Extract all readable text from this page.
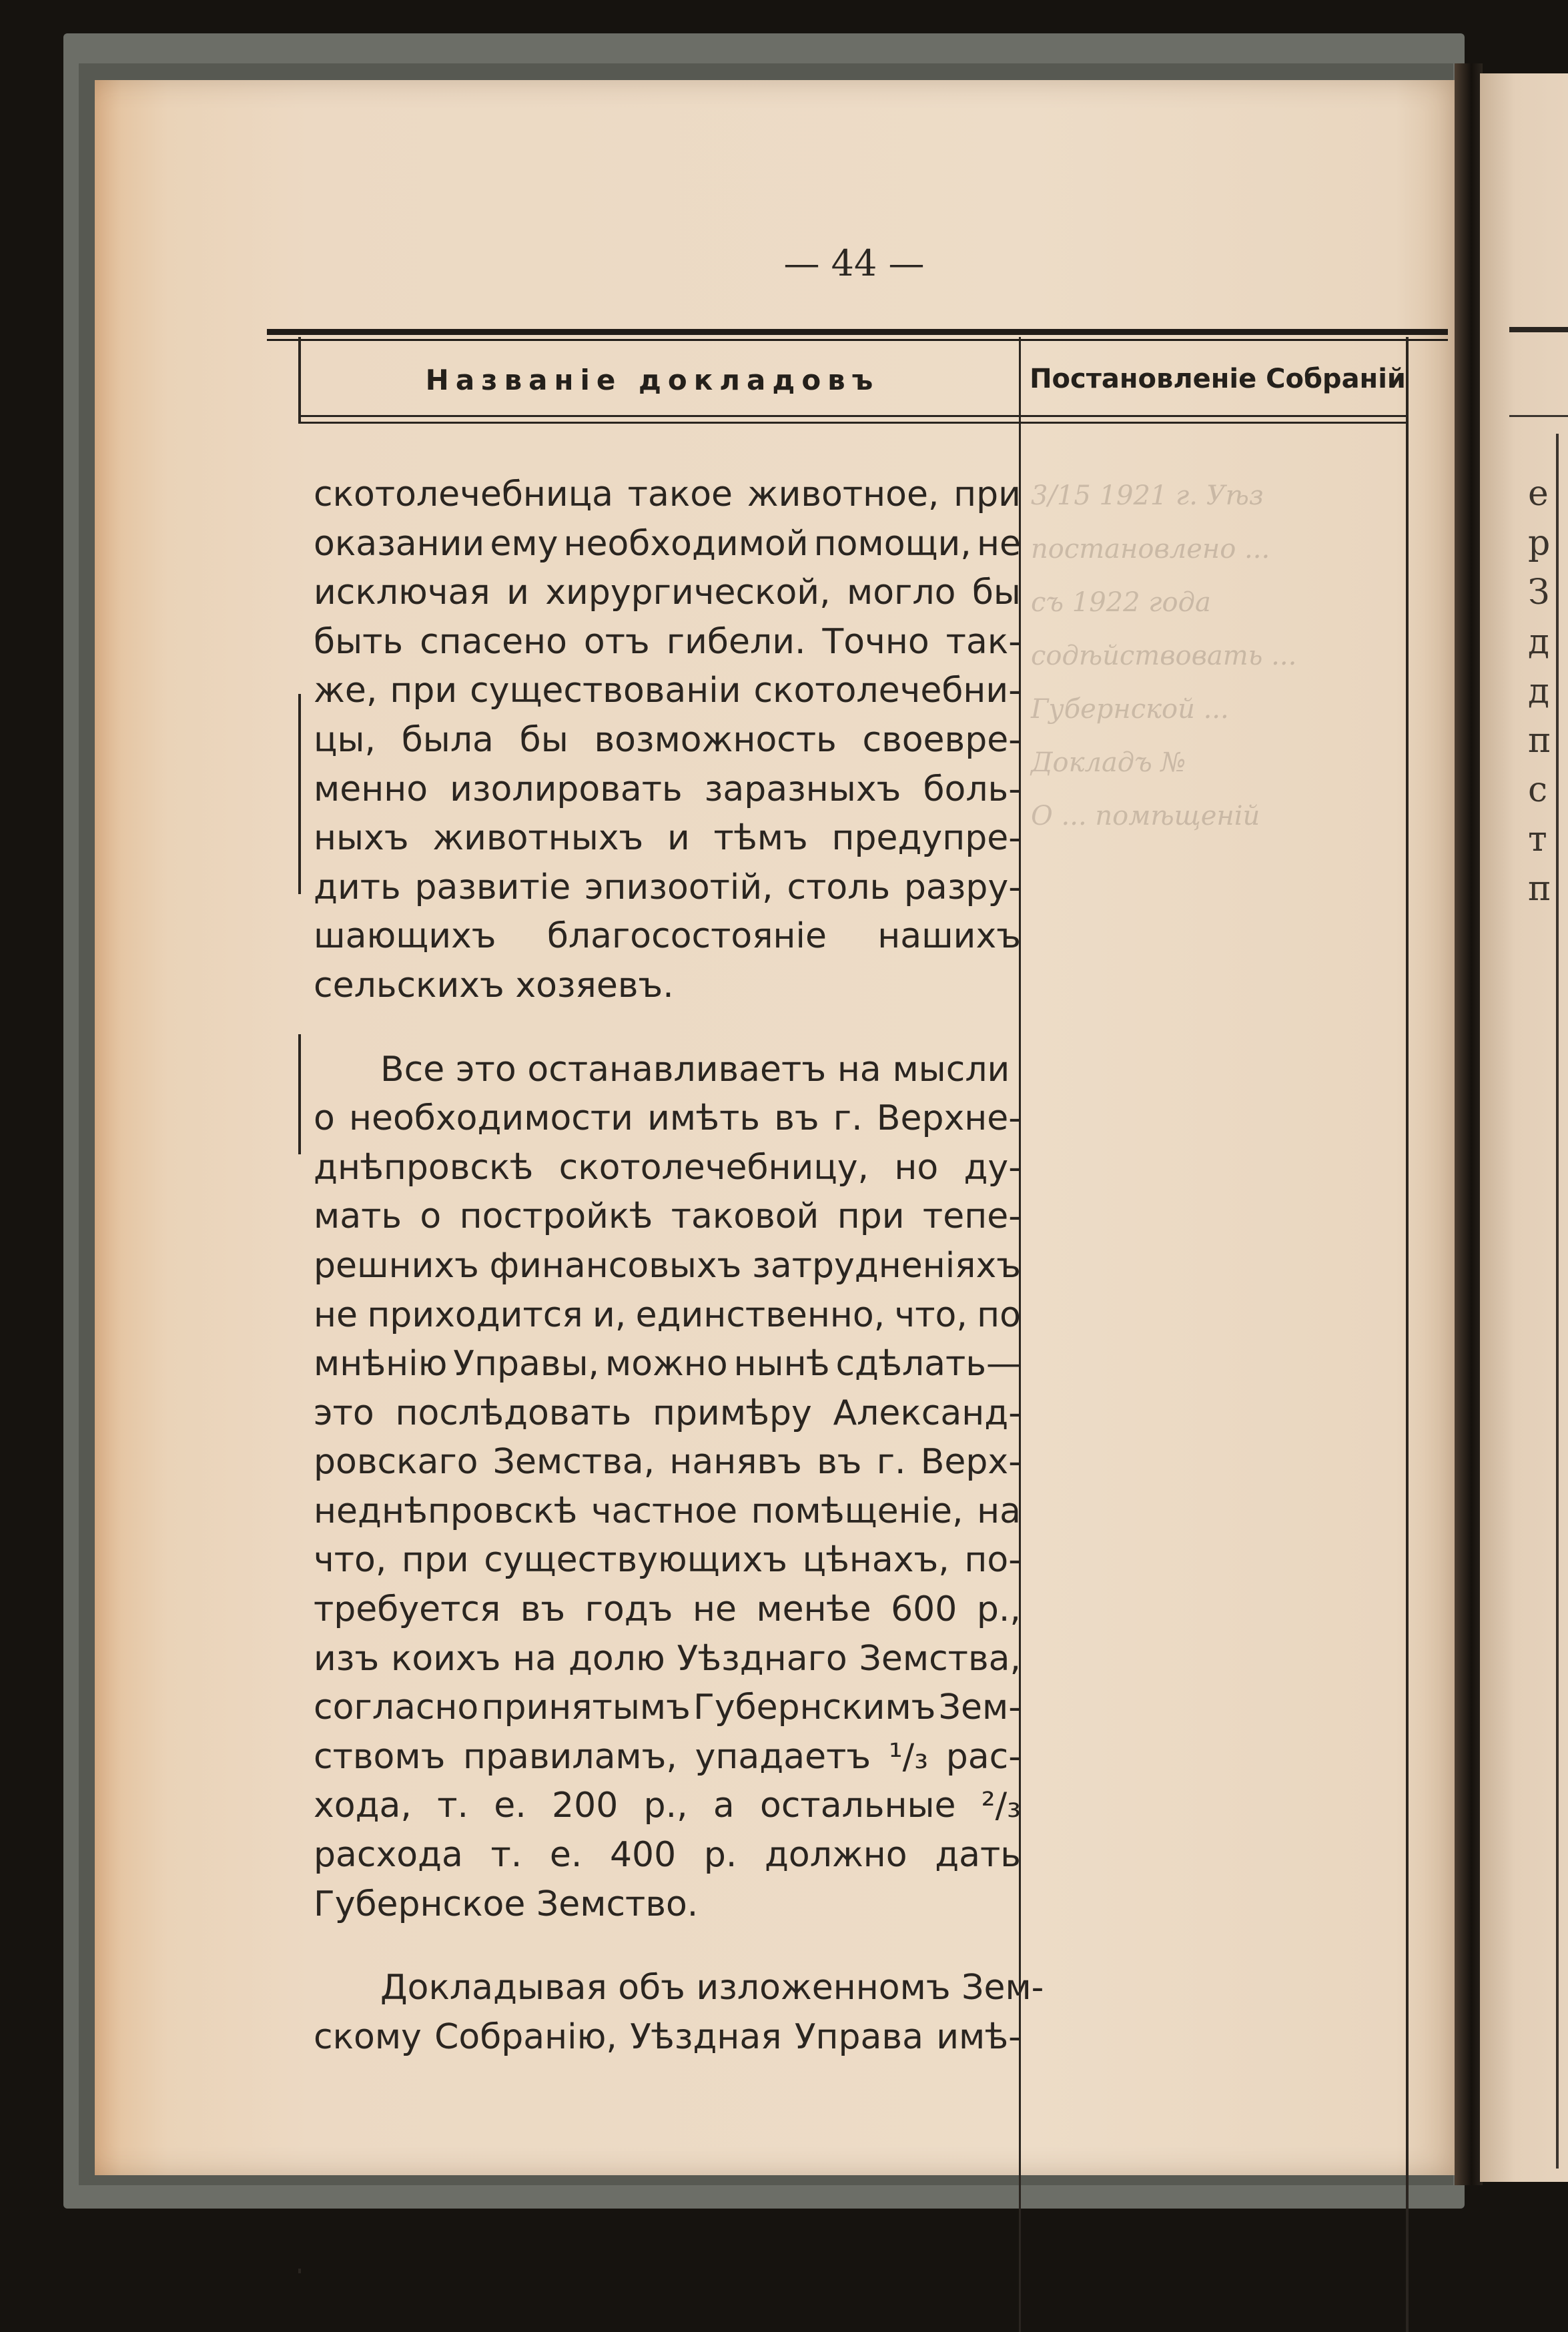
е
р
З
д
д
п
с
т
п
3/15 1921 г. Уѣз
постановлено ...
съ 1922 года
содѣйствовать ...
Губернской ...
Докладъ №
О ... помѣщеній
— 44 —
Названіе докладовъ	Постановленіе Собраній
скотолечебница такое животное, при
оказании ему необходимой помощи, не
исключая и хирургической, могло бы
быть спасено отъ гибели. Точно так-
же, при существованіи скотолечебни-
цы, была бы возможность своевре-
менно изолировать заразныхъ боль-
ныхъ животныхъ и тѣмъ предупре-
дить развитіе эпизоотій, столь разру-
шающихъ благосостояніе нашихъ
сельскихъ
хозяевъ.

Все
это
останавливаетъ
на
мысли

о необходимости имѣть въ г. Верхне-
днѣпровскѣ скотолечебницу, но ду-
мать о постройкѣ таковой при тепе-
решнихъ финансовыхъ затрудненіяхъ
не приходится и, единственно, что, по
мнѣнію Управы, можно нынѣ сдѣлать—
это послѣдовать примѣру Александ-
ровскаго Земства, нанявъ въ г. Верх-
неднѣпровскѣ частное помѣщеніе, на
что, при существующихъ цѣнахъ, по-
требуется въ годъ не менѣе 600 р.,
изъ коихъ на долю Уѣзднаго Земства,
согласно принятымъ Губернскимъ Зем-
ствомъ правиламъ, упадаетъ ¹/₃ рас-
хода, т. е. 200 р., а остальные ²/₃
расхода т. е. 400 р. должно дать
Губернское
Земство.

Докладывая
объ
изложенномъ
Зем-

скому Собранію, Уѣздная Управа имѣ-
